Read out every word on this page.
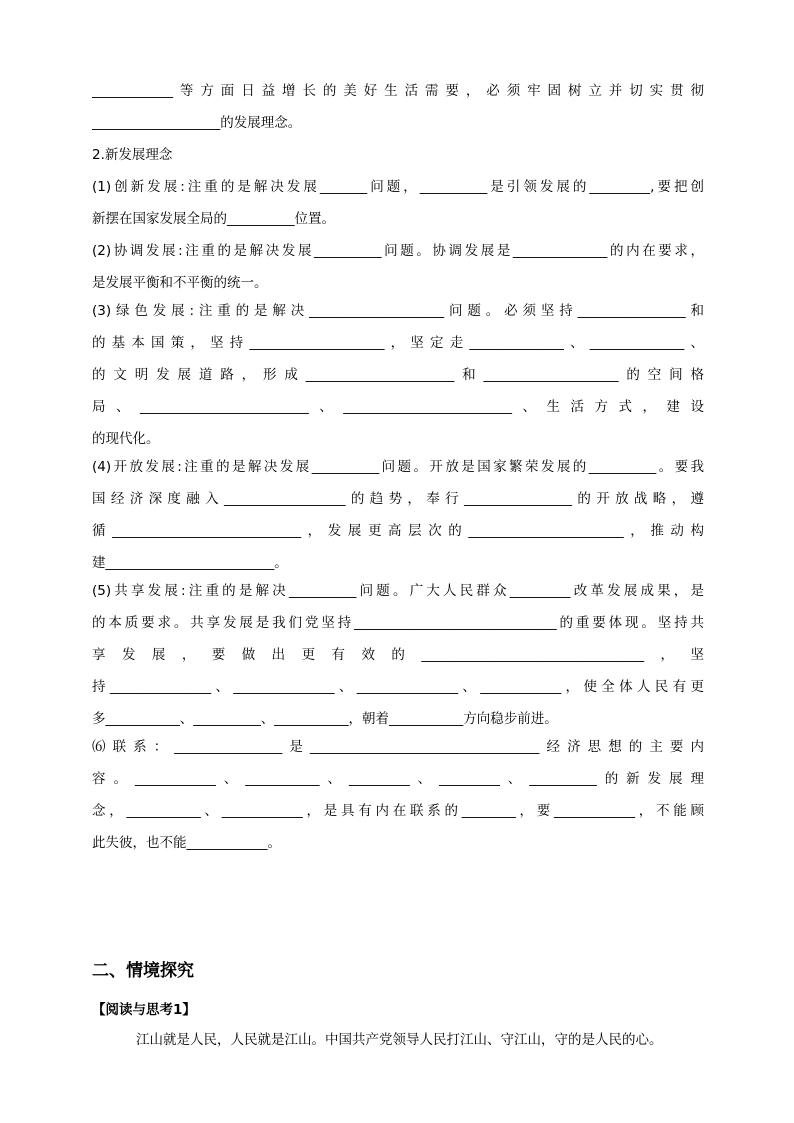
____________等方面日益增长的美好生活需要，必须牢固树立并切实贯彻
___________________的发展理念。
2.新发展理念
(1)创新发展:注重的是解决发展_______问题，__________是引领发展的_________,要把创
新摆在国家发展全局的__________位置。
(2)协调发展:注重的是解决发展__________问题。协调发展是______________的内在要求，
是发展平衡和不平衡的统一。
(3)绿色发展:注重的是解决____________________问题。必须坚持________________和
的基本国策，坚持____________________，坚定走______________、______________、
的文明发展道路，形成______________________和____________________的空间格
局、_________________________、_________________________、生活方式，建设
的现代化。
(4)开放发展:注重的是解决发展__________问题。开放是国家繁荣发展的__________。要我
国经济深度融入__________________的趋势，奉行________________的开放战略，遵
循____________________________，发展更高层次的_______________________，推动构
建_________________________。
(5)共享发展:注重的是解决__________问题。广大人民群众_________改革发展成果，是
的本质要求。共享发展是我们党坚持______________________________的重要体现。坚持共
享发展，要做出更有效的_________________________________，坚
持_______________、_______________、_______________、____________，使全体人民有更
多___________、__________、___________，朝着___________方向稳步前进。
⑹联系：________________是__________________________________经济思想的主要内
容。____________、___________、_________、_________、__________的新发展理
念，___________、____________，是具有内在联系的________，要____________，不能顾
此失彼，也不能____________。
二、情境探究
【阅读与思考1】
江山就是人民，人民就是江山。中国共产党领导人民打江山、守江山，守的是人民的心。
